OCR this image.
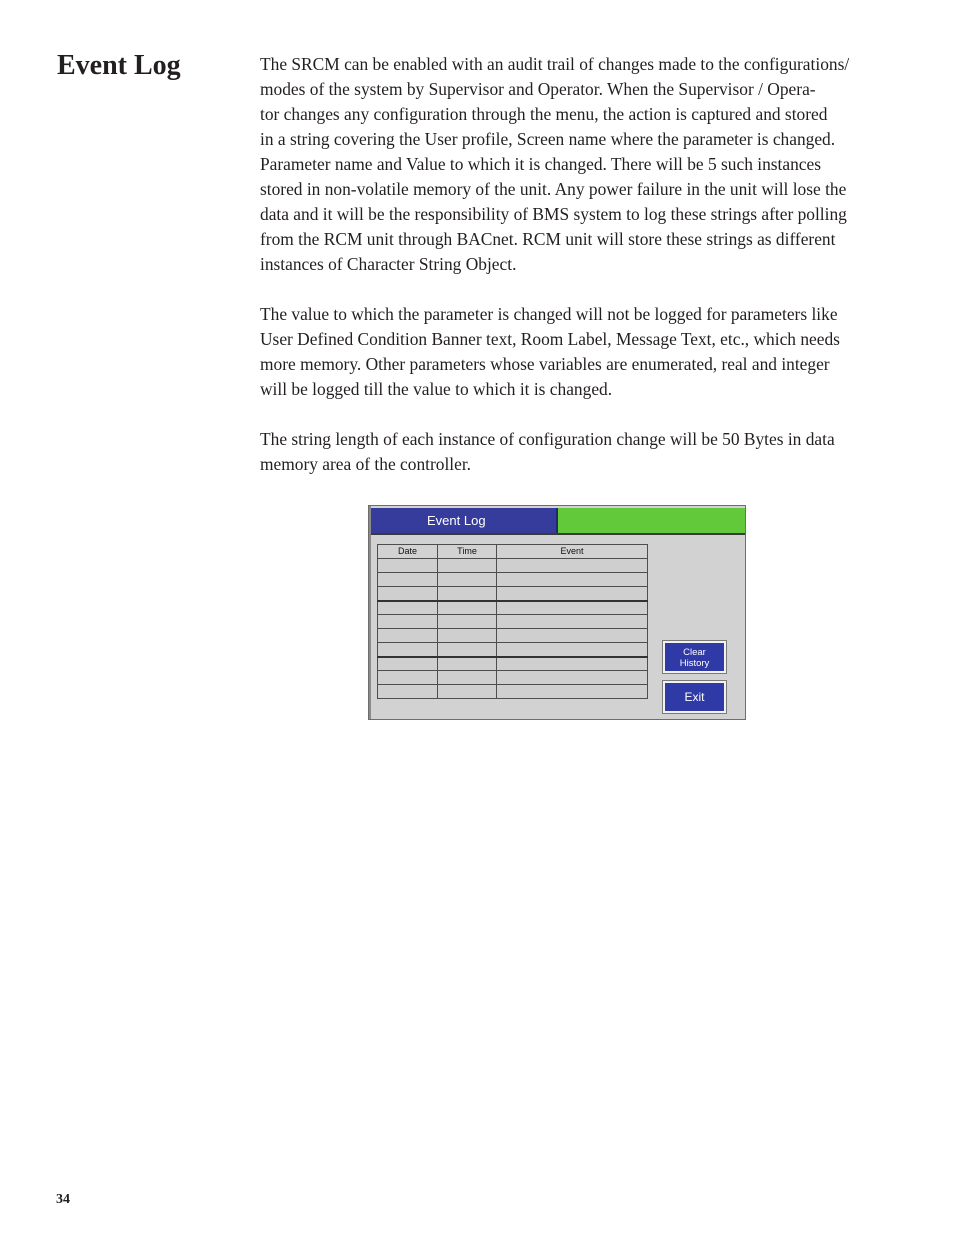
Event Log	The SRCM can be enabled with an audit trail of changes made to the configurations/
modes of the system by Supervisor and Operator. When the Supervisor / Opera-
tor changes any configuration through the menu, the action is captured and stored
in a string covering the User profile, Screen name where the parameter is changed.
Parameter name and Value to which it is changed. There will be 5 such instances
stored in non-volatile memory of the unit. Any power failure in the unit will lose the
data and it will be the responsibility of BMS system to log these strings after polling
from the RCM unit through BACnet. RCM unit will store these strings as different
instances of Character String Object.

The value to which the parameter is changed will not be logged for parameters like
User Defined Condition Banner text, Room Label, Message Text, etc., which needs
more memory. Other parameters whose variables are enumerated, real and integer
will be logged till the value to which it is changed.

The string length of each instance of configuration change will be 50 Bytes in data
memory area of the controller.

Event Log
Date	Time	Event

Clear
History
Exit
34
